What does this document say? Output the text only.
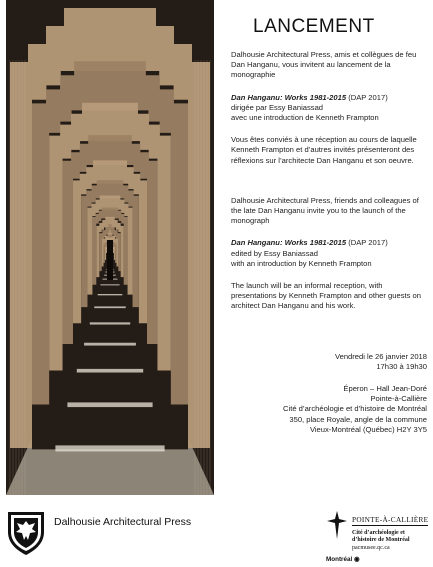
LANCEMENT

Dalhousie Architectural Press, amis et collègues de feu Dan Hanganu, vous invitent au lancement de la monographie

Dan Hanganu: Works 1981-2015 (DAP 2017)

dirigée par Essy Baniassad

avec une introduction de Kenneth Frampton

Vous êtes conviés à une réception au cours de laquelle Kenneth Frampton et d’autres invités présenteront des réflexions sur l’architecte Dan Hanganu et son oeuvre.

Dalhousie Architectural Press, friends and colleagues of the late Dan Hanganu invite you to the launch of the monograph

Dan Hanganu: Works 1981-2015 (DAP 2017)

edited by Essy Baniassad

with an introduction by Kenneth Frampton

The launch will be an informal reception, with presentations by Kenneth Frampton and other guests on architect Dan Hanganu and his work.

Vendredi le 26 janvier 2018

17h30 à 19h30

Éperon – Hall Jean-Doré

Pointe-à-Callière

Cité d’archéologie et d’histoire de Montréal

350, place Royale, angle de la commune

Vieux-Montréal (Québec) H2Y 3Y5

Dalhousie Architectural Press	POINTE-À-CALLIÈRE
Cité d’archéologie et
d’histoire de Montréal
pacmusee.qc.ca
Montréal ◉
